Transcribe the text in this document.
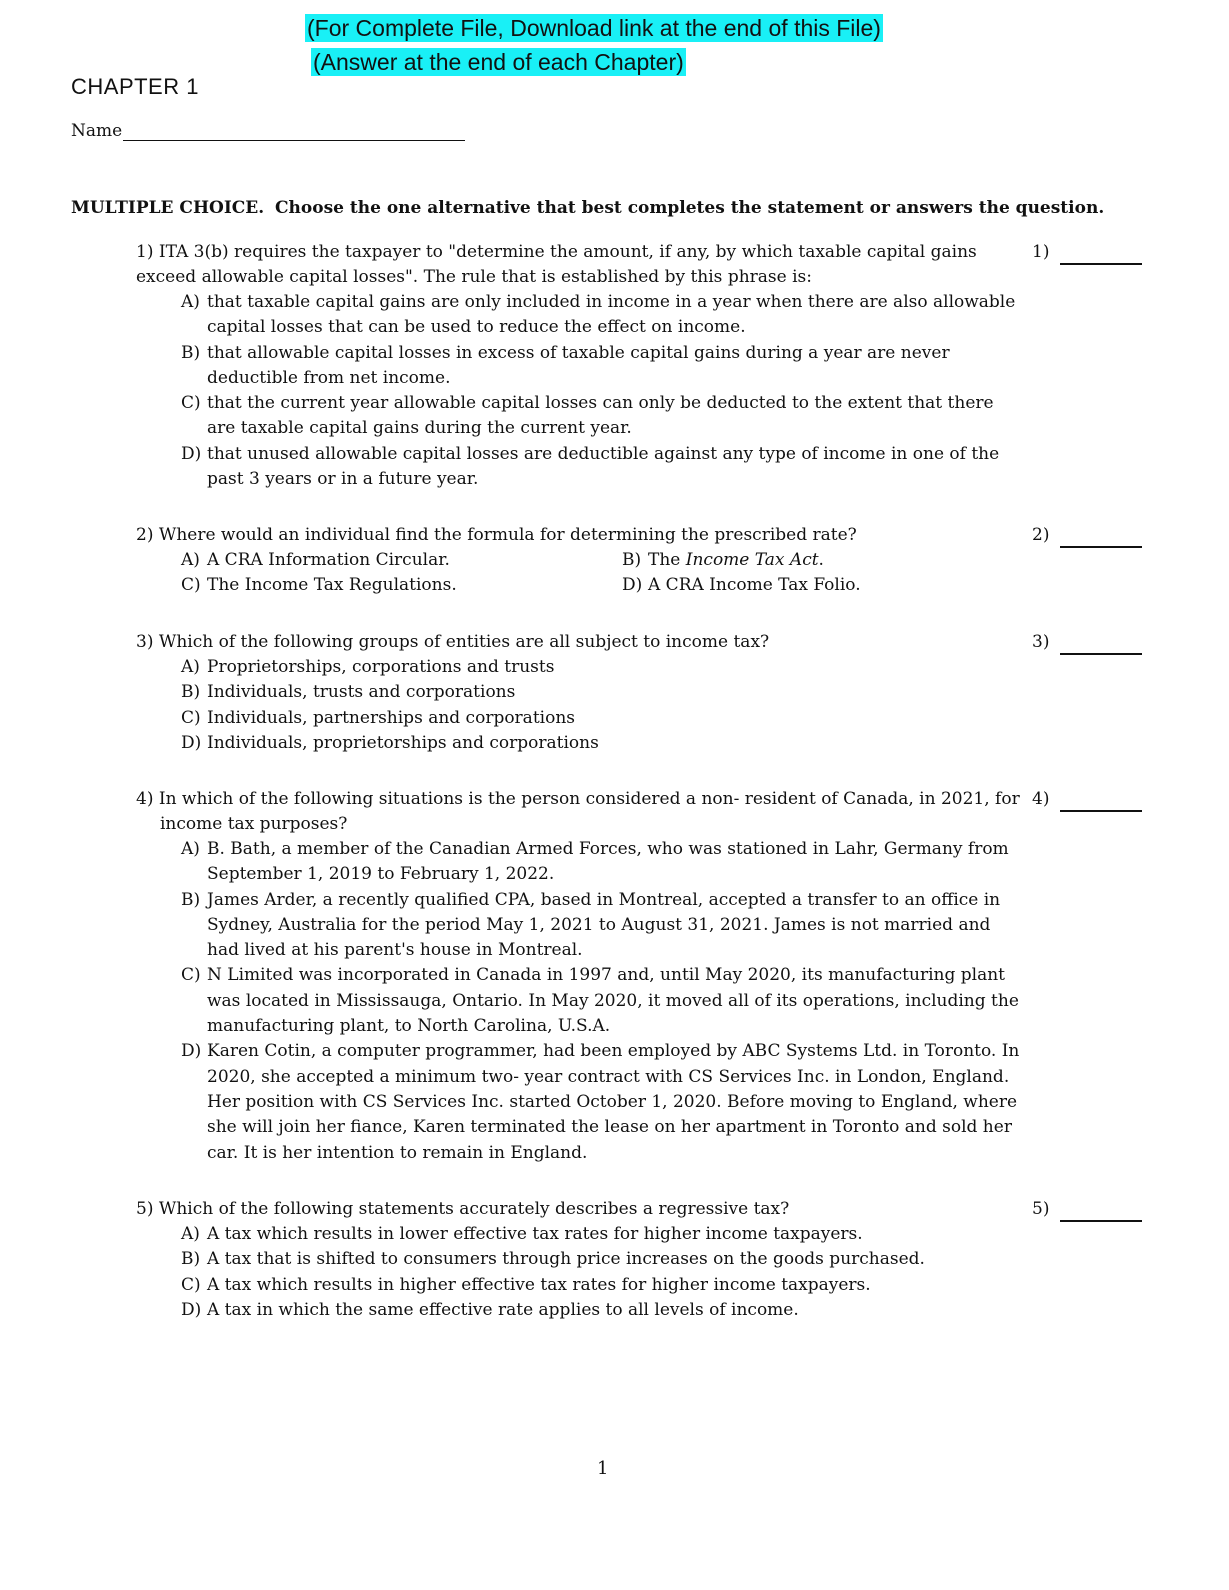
(For Complete File, Download link at the end of this File)
(Answer at the end of each Chapter)
CHAPTER 1
Name
MULTIPLE CHOICE. Choose the one alternative that best completes the statement or answers the question.
1) ITA 3(b) requires the taxpayer to "determine the amount, if any, by which taxable capital gains exceed allowable capital losses". The rule that is established by this phrase is:
A) that taxable capital gains are only included in income in a year when there are also allowable capital losses that can be used to reduce the effect on income.
B) that allowable capital losses in excess of taxable capital gains during a year are never deductible from net income.
C) that the current year allowable capital losses can only be deducted to the extent that there are taxable capital gains during the current year.
D) that unused allowable capital losses are deductible against any type of income in one of the past 3 years or in a future year.
1)
2) Where would an individual find the formula for determining the prescribed rate?
A) A CRA Information Circular.	B) The Income Tax Act.
C) The Income Tax Regulations.	D) A CRA Income Tax Folio.
2)
3) Which of the following groups of entities are all subject to income tax?
A) Proprietorships, corporations and trusts
B) Individuals, trusts and corporations
C) Individuals, partnerships and corporations
D) Individuals, proprietorships and corporations
3)
4) In which of the following situations is the person considered a non- resident of Canada, in 2021, for income tax purposes?
A) B. Bath, a member of the Canadian Armed Forces, who was stationed in Lahr, Germany from September 1, 2019 to February 1, 2022.
B) James Arder, a recently qualified CPA, based in Montreal, accepted a transfer to an office in Sydney, Australia for the period May 1, 2021 to August 31, 2021. James is not married and had lived at his parent's house in Montreal.
C) N Limited was incorporated in Canada in 1997 and, until May 2020, its manufacturing plant was located in Mississauga, Ontario. In May 2020, it moved all of its operations, including the manufacturing plant, to North Carolina, U.S.A.
D) Karen Cotin, a computer programmer, had been employed by ABC Systems Ltd. in Toronto. In 2020, she accepted a minimum two- year contract with CS Services Inc. in London, England. Her position with CS Services Inc. started October 1, 2020. Before moving to England, where she will join her fiance, Karen terminated the lease on her apartment in Toronto and sold her car. It is her intention to remain in England.
4)
5) Which of the following statements accurately describes a regressive tax?
A) A tax which results in lower effective tax rates for higher income taxpayers.
B) A tax that is shifted to consumers through price increases on the goods purchased.
C) A tax which results in higher effective tax rates for higher income taxpayers.
D) A tax in which the same effective rate applies to all levels of income.
5)
1
